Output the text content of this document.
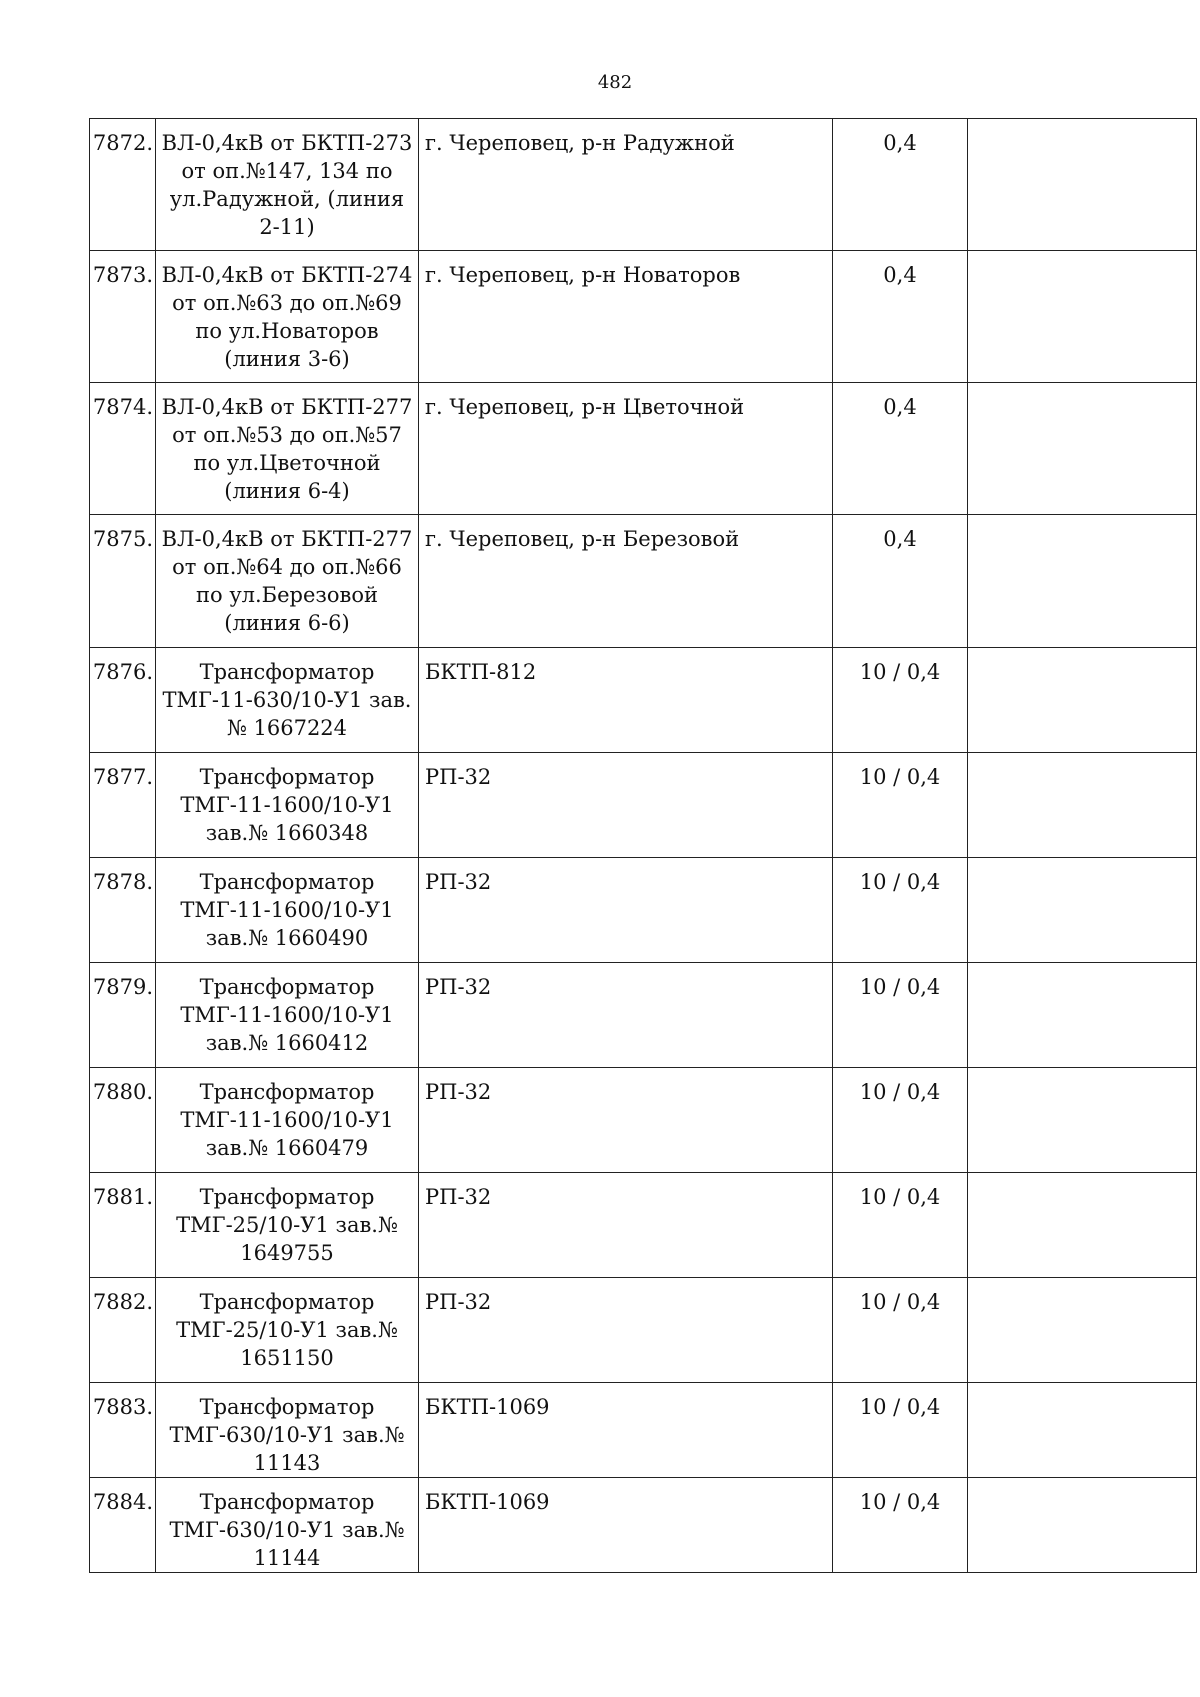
482
7872.	ВЛ-0,4кВ от БКТП-273 от оп.№147, 134 по ул.Радужной, (линия 2-11)	г. Череповец, р-н Радужной	0,4	
7873.	ВЛ-0,4кВ от БКТП-274 от оп.№63 до оп.№69 по ул.Новаторов (линия 3-6)	г. Череповец, р-н Новаторов	0,4	
7874.	ВЛ-0,4кВ от БКТП-277 от оп.№53 до оп.№57 по ул.Цветочной (линия 6-4)	г. Череповец, р-н Цветочной	0,4	
7875.	ВЛ-0,4кВ от БКТП-277 от оп.№64 до оп.№66 по ул.Березовой (линия 6-6)	г. Череповец, р-н Березовой	0,4	
7876.	Трансформатор ТМГ-11-630/10-У1 зав.№ 1667224	БКТП-812	10 / 0,4	
7877.	Трансформатор ТМГ-11-1600/10-У1 зав.№ 1660348	РП-32	10 / 0,4	
7878.	Трансформатор ТМГ-11-1600/10-У1 зав.№ 1660490	РП-32	10 / 0,4	
7879.	Трансформатор ТМГ-11-1600/10-У1 зав.№ 1660412	РП-32	10 / 0,4	
7880.	Трансформатор ТМГ-11-1600/10-У1 зав.№ 1660479	РП-32	10 / 0,4	
7881.	Трансформатор ТМГ-25/10-У1 зав.№ 1649755	РП-32	10 / 0,4	
7882.	Трансформатор ТМГ-25/10-У1 зав.№ 1651150	РП-32	10 / 0,4	
7883.	Трансформатор ТМГ-630/10-У1 зав.№ 11143	БКТП-1069	10 / 0,4	
7884.	Трансформатор ТМГ-630/10-У1 зав.№ 11144	БКТП-1069	10 / 0,4	
